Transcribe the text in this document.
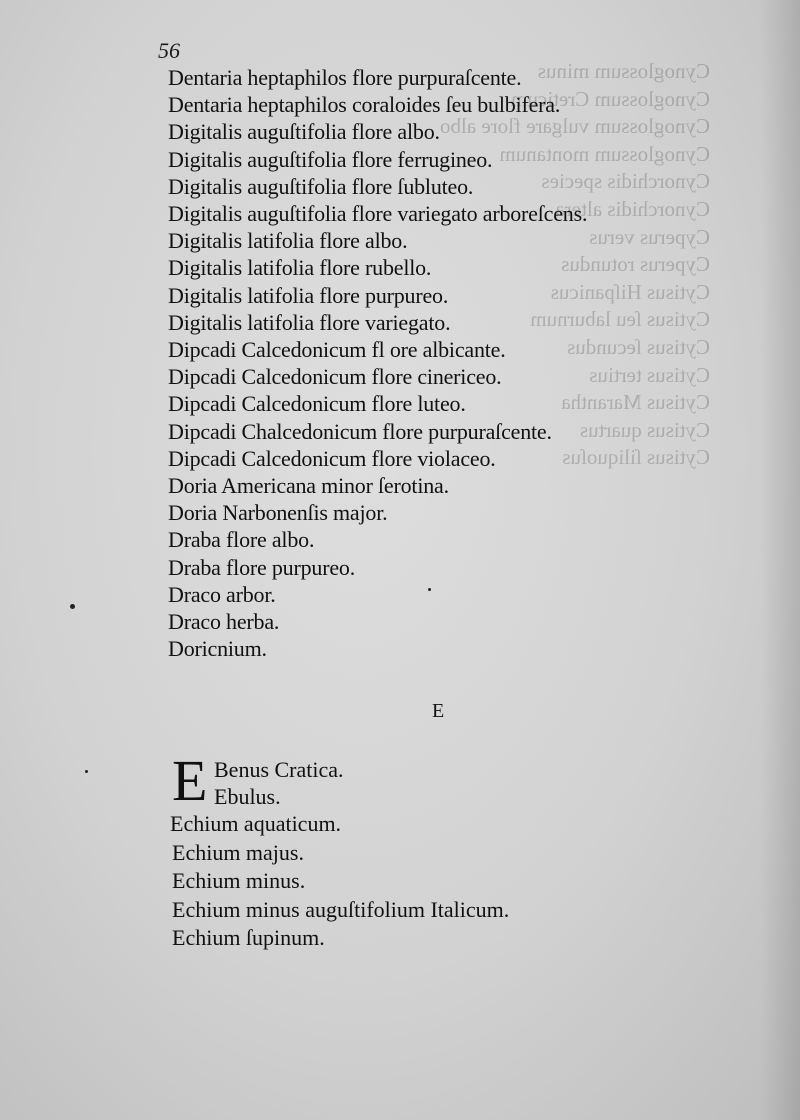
Cynoglossum minus
Cynoglossum Creticum
Cynoglossum vulgare flore albo
Cynoglossum montanum
Cynorchidis species
Cynorchidis altera
Cyperus verus
Cyperus rotundus
Cytisus Hiſpanicus
Cytisus ſeu laburnum
Cytisus ſecundus
Cytisus tertius
Cytisus Marantha
Cytisus quartus
Cytisus ſiliquoſus
56
Dentaria heptaphilos flore purpuraſcente.
Dentaria heptaphilos coraloides ſeu bulbifera.
Digitalis auguſtifolia flore albo.
Digitalis auguſtifolia flore ferrugineo.
Digitalis auguſtifolia flore ſubluteo.
Digitalis auguſtifolia flore variegato arboreſcens.
Digitalis latifolia flore albo.
Digitalis latifolia flore rubello.
Digitalis latifolia flore purpureo.
Digitalis latifolia flore variegato.
Dipcadi Calcedonicum fl ore albicante.
Dipcadi Calcedonicum flore cinericeo.
Dipcadi Calcedonicum flore luteo.
Dipcadi Chalcedonicum flore purpuraſcente.
Dipcadi Calcedonicum flore violaceo.
Doria Americana minor ſerotina.
Doria Narbonenſis major.
Draba flore albo.
Draba flore purpureo.
Draco arbor.
Draco herba.
Doricnium.
E
E Benus Cratica.
Ebulus.
Echium aquaticum.
Echium majus.
Echium minus.
Echium minus auguſtifolium Italicum.
Echium ſupinum.
